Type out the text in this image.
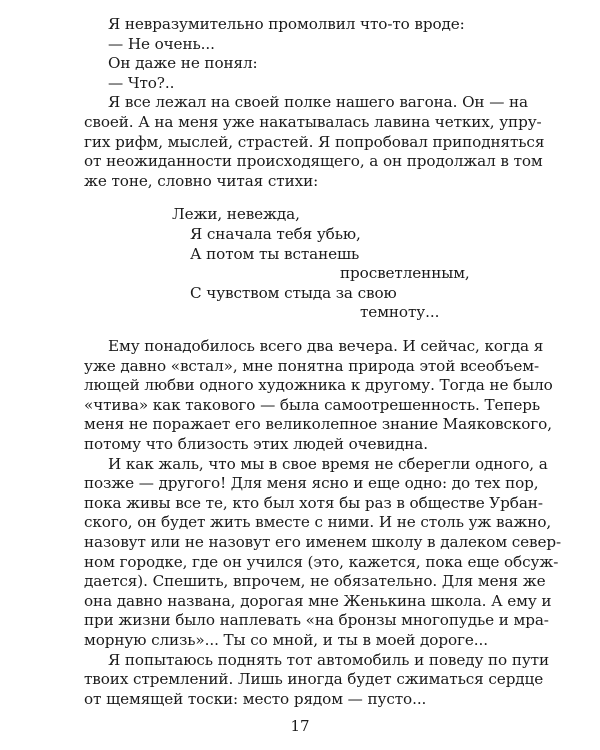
Я невразумительно промолвил что-то вроде:
— Не очень...
Он даже не понял:
— Что?..
Я все лежал на своей полке нашего вагона. Он — на
своей. А на меня уже накатывалась лавина четких, упру-
гих рифм, мыслей, страстей. Я попробовал приподняться
от неожиданности происходящего, а он продолжал в том
же тоне, словно читая стихи:
Лежи, невежда,
Я сначала тебя убью,
А потом ты встанешь
просветленным,
С чувством стыда за свою
темноту...
Ему понадобилось всего два вечера. И сейчас, когда я
уже давно «встал», мне понятна природа этой всеобъем-
лющей любви одного художника к другому. Тогда не было
«чтива» как такового — была самоотрешенность. Теперь
меня не поражает его великолепное знание Маяковского,
потому что близость этих людей очевидна.
И как жаль, что мы в свое время не сберегли одного, а
позже — другого! Для меня ясно и еще одно: до тех пор,
пока живы все те, кто был хотя бы раз в обществе Урбан-
ского, он будет жить вместе с ними. И не столь уж важно,
назовут или не назовут его именем школу в далеком север-
ном городке, где он учился (это, кажется, пока еще обсуж-
дается). Спешить, впрочем, не обязательно. Для меня же
она давно названа, дорогая мне Женькина школа. А ему и
при жизни было наплевать «на бронзы многопудье и мра-
морную слизь»... Ты со мной, и ты в моей дороге...
Я попытаюсь поднять тот автомобиль и поведу по пути
твоих стремлений. Лишь иногда будет сжиматься сердце
от щемящей тоски: место рядом — пусто...
17
